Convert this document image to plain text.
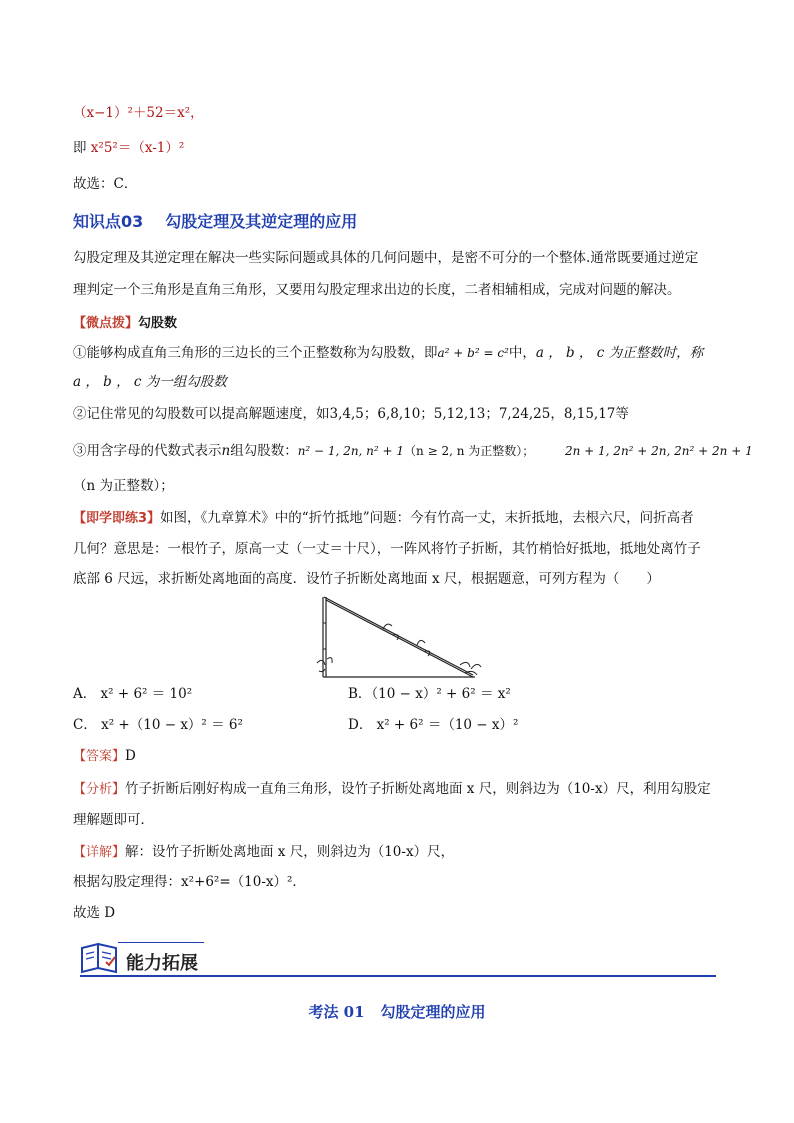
（x−1）²＋52＝x²，
即 x²5²＝（x-1）²
故选：C．
知识点03 勾股定理及其逆定理的应用
勾股定理及其逆定理在解决一些实际问题或具体的几何问题中，是密不可分的一个整体.通常既要通过逆定
理判定一个三角形是直角三角形，又要用勾股定理求出边的长度，二者相辅相成，完成对问题的解决。
【微点拨】勾股数
①能够构成直角三角形的三边长的三个正整数称为勾股数，即a² + b² = c²中，a ， b ， c 为正整数时，称
a ， b ， c 为一组勾股数
②记住常见的勾股数可以提高解题速度，如3,4,5；6,8,10；5,12,13；7,24,25，8,15,17等
③用含字母的代数式表示n组勾股数：n² − 1, 2n, n² + 1（n ≥ 2, n 为正整数）；	2n + 1, 2n² + 2n, 2n² + 2n + 1
（n 为正整数）；
【即学即练3】如图，《九章算术》中的“折竹抵地”问题：今有竹高一丈，末折抵地，去根六尺，问折高者
几何？意思是：一根竹子，原高一丈（一丈＝十尺），一阵风将竹子折断，其竹梢恰好抵地，抵地处离竹子
底部 6 尺远，求折断处离地面的高度．设竹子折断处离地面 x 尺，根据题意，可列方程为（　　）
A． x² + 6² ＝ 10²	B．（10 − x）² + 6² ＝ x²
C． x² +（10 − x）² ＝ 6²	D． x² + 6² ＝（10 − x）²
【答案】D
【分析】竹子折断后刚好构成一直角三角形，设竹子折断处离地面 x 尺，则斜边为（10-x）尺，利用勾股定
理解题即可．
【详解】解：设竹子折断处离地面 x 尺，则斜边为（10-x）尺，
根据勾股定理得：x²+6²=（10-x）²．
故选 D
能力拓展
考法 01 勾股定理的应用
